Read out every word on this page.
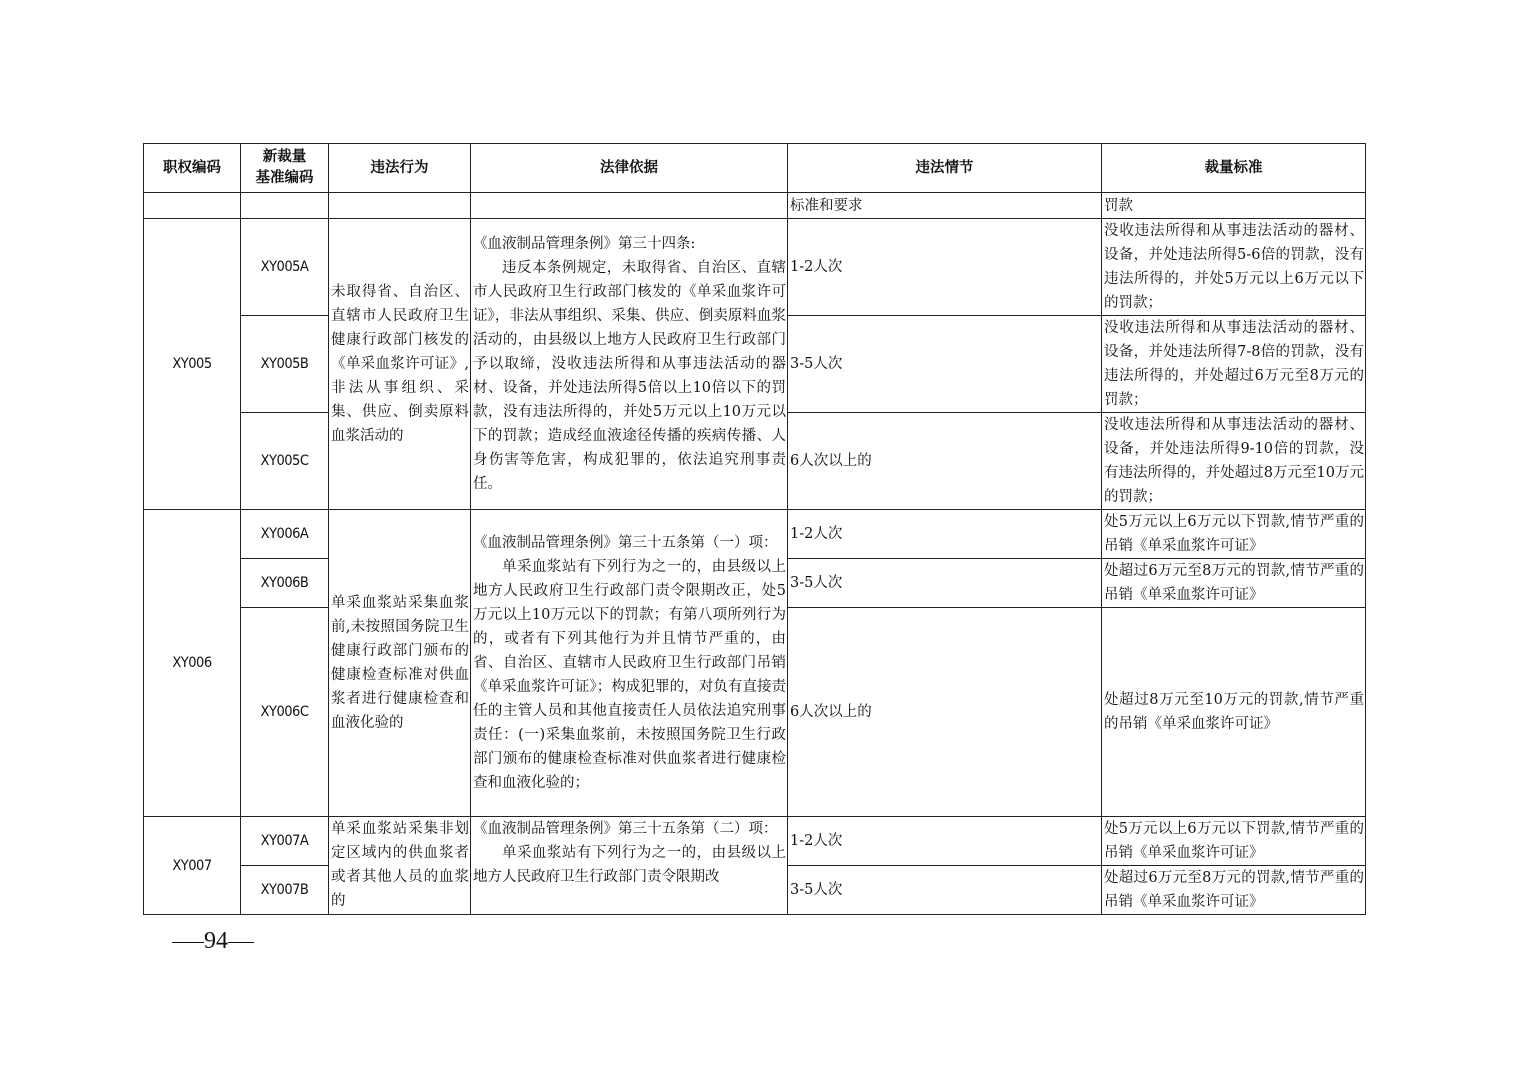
职权编码	新裁量
基准编码	违法行为	法律依据	违法情节	裁量标准
				标准和要求	罚款
XY005	XY005A	未取得省、自治区、直辖市人民政府卫生健康行政部门核发的《单采血浆许可证》,非法从事组织、采集、供应、倒卖原料血浆活动的	《血液制品管理条例》第三十四条:
违反本条例规定，未取得省、自治区、直辖市人民政府卫生行政部门核发的《单采血浆许可证》，非法从事组织、采集、供应、倒卖原料血浆活动的，由县级以上地方人民政府卫生行政部门予以取缔，没收违法所得和从事违法活动的器材、设备，并处违法所得5倍以上10倍以下的罚款，没有违法所得的，并处5万元以上10万元以下的罚款；造成经血液途径传播的疾病传播、人身伤害等危害，构成犯罪的，依法追究刑事责任。	1-2人次	没收违法所得和从事违法活动的器材、设备，并处违法所得5-6倍的罚款，没有违法所得的，并处5万元以上6万元以下的罚款；
	XY005B			3-5人次	没收违法所得和从事违法活动的器材、设备，并处违法所得7-8倍的罚款，没有违法所得的，并处超过6万元至8万元的罚款；
	XY005C			6人次以上的	没收违法所得和从事违法活动的器材、设备，并处违法所得9-10倍的罚款，没有违法所得的，并处超过8万元至10万元的罚款；
XY006	XY006A	单采血浆站采集血浆前,未按照国务院卫生健康行政部门颁布的健康检查标准对供血浆者进行健康检查和血液化验的	《血液制品管理条例》第三十五条第（一）项：
单采血浆站有下列行为之一的，由县级以上地方人民政府卫生行政部门责令限期改正，处5万元以上10万元以下的罚款；有第八项所列行为的，或者有下列其他行为并且情节严重的，由省、自治区、直辖市人民政府卫生行政部门吊销《单采血浆许可证》；构成犯罪的，对负有直接责任的主管人员和其他直接责任人员依法追究刑事责任：(一)采集血浆前，未按照国务院卫生行政部门颁布的健康检查标准对供血浆者进行健康检查和血液化验的；	1-2人次	处5万元以上6万元以下罚款,情节严重的吊销《单采血浆许可证》
	XY006B			3-5人次	处超过6万元至8万元的罚款,情节严重的吊销《单采血浆许可证》
	XY006C			6人次以上的	处超过8万元至10万元的罚款,情节严重的吊销《单采血浆许可证》
XY007	XY007A	单采血浆站采集非划定区域内的供血浆者或者其他人员的血浆的	《血液制品管理条例》第三十五条第（二）项：
单采血浆站有下列行为之一的，由县级以上地方人民政府卫生行政部门责令限期改	1-2人次	处5万元以上6万元以下罚款,情节严重的吊销《单采血浆许可证》
	XY007B			3-5人次	处超过6万元至8万元的罚款,情节严重的吊销《单采血浆许可证》
94
